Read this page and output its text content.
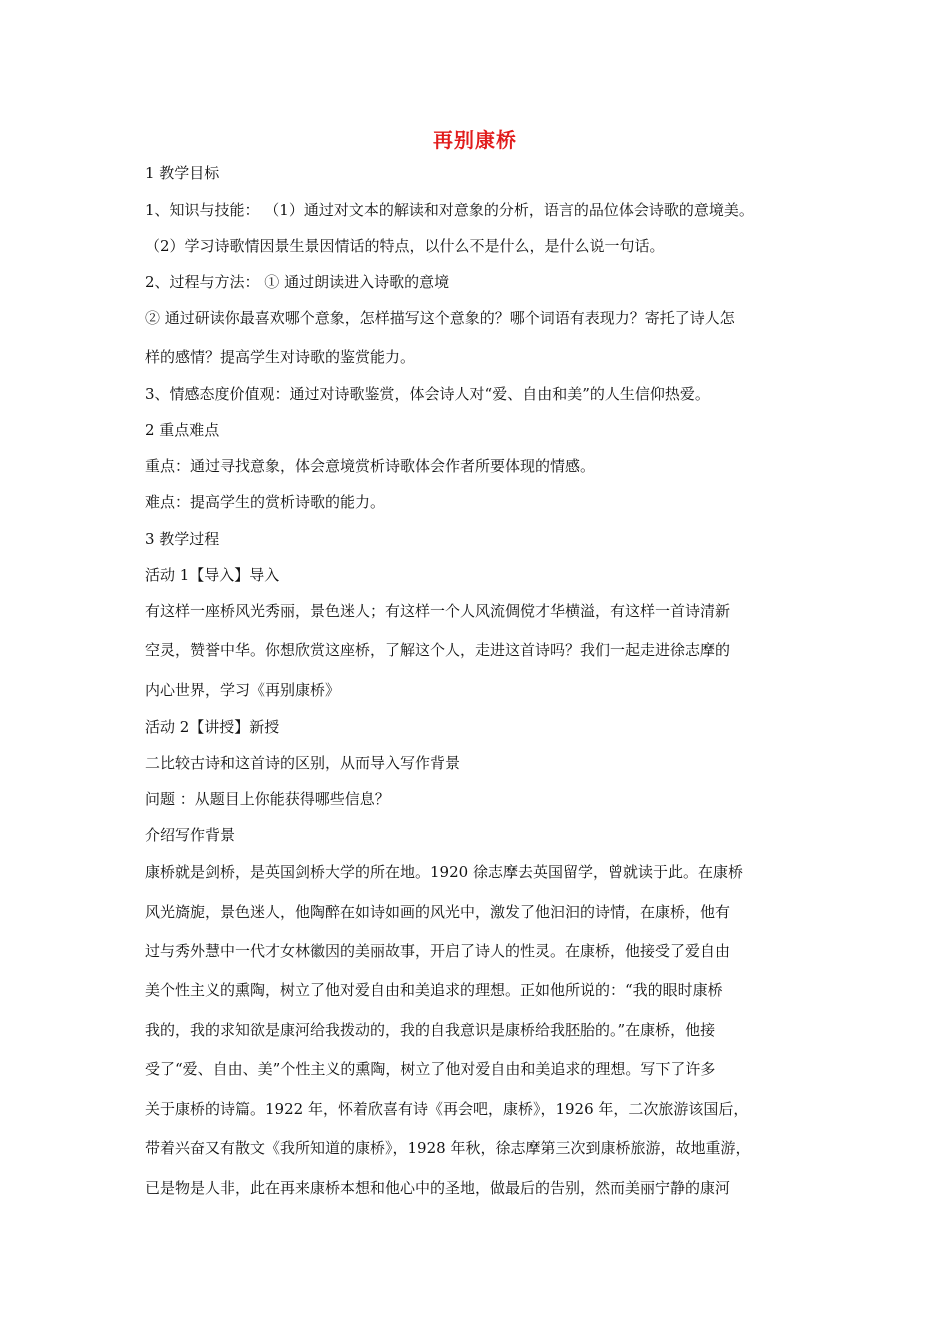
再别康桥
1 教学目标
1、知识与技能： （1）通过对文本的解读和对意象的分析，语言的品位体会诗歌的意境美。
（2）学习诗歌情因景生景因情话的特点，以什么不是什么，是什么说一句话。
2、过程与方法： ① 通过朗读进入诗歌的意境
② 通过研读你最喜欢哪个意象，怎样描写这个意象的？哪个词语有表现力？寄托了诗人怎
样的感情？提高学生对诗歌的鉴赏能力。
3、情感态度价值观：通过对诗歌鉴赏，体会诗人对“爱、自由和美”的人生信仰热爱。
2 重点难点
重点：通过寻找意象，体会意境赏析诗歌体会作者所要体现的情感。
难点：提高学生的赏析诗歌的能力。
3 教学过程
活动 1【导入】导入
有这样一座桥风光秀丽，景色迷人；有这样一个人风流倜傥才华横溢，有这样一首诗清新
空灵，赞誉中华。你想欣赏这座桥，了解这个人，走进这首诗吗？我们一起走进徐志摩的
内心世界，学习《再别康桥》
活动 2【讲授】新授
二比较古诗和这首诗的区别，从而导入写作背景
问题 ：从题目上你能获得哪些信息？
介绍写作背景
康桥就是剑桥，是英国剑桥大学的所在地。1920 徐志摩去英国留学，曾就读于此。在康桥
风光旖旎，景色迷人，他陶醉在如诗如画的风光中，激发了他汩汩的诗情，在康桥，他有
过与秀外慧中一代才女林徽因的美丽故事，开启了诗人的性灵。在康桥，他接受了爱自由
美个性主义的熏陶，树立了他对爱自由和美追求的理想。正如他所说的：“我的眼时康桥
我的，我的求知欲是康河给我拨动的，我的自我意识是康桥给我胚胎的。”在康桥，他接
受了“爱、自由、美”个性主义的熏陶，树立了他对爱自由和美追求的理想。写下了许多
关于康桥的诗篇。1922 年，怀着欣喜有诗《再会吧，康桥》，1926 年，二次旅游该国后，
带着兴奋又有散文《我所知道的康桥》，1928 年秋，徐志摩第三次到康桥旅游，故地重游，
已是物是人非，此在再来康桥本想和他心中的圣地，做最后的告别，然而美丽宁静的康河
